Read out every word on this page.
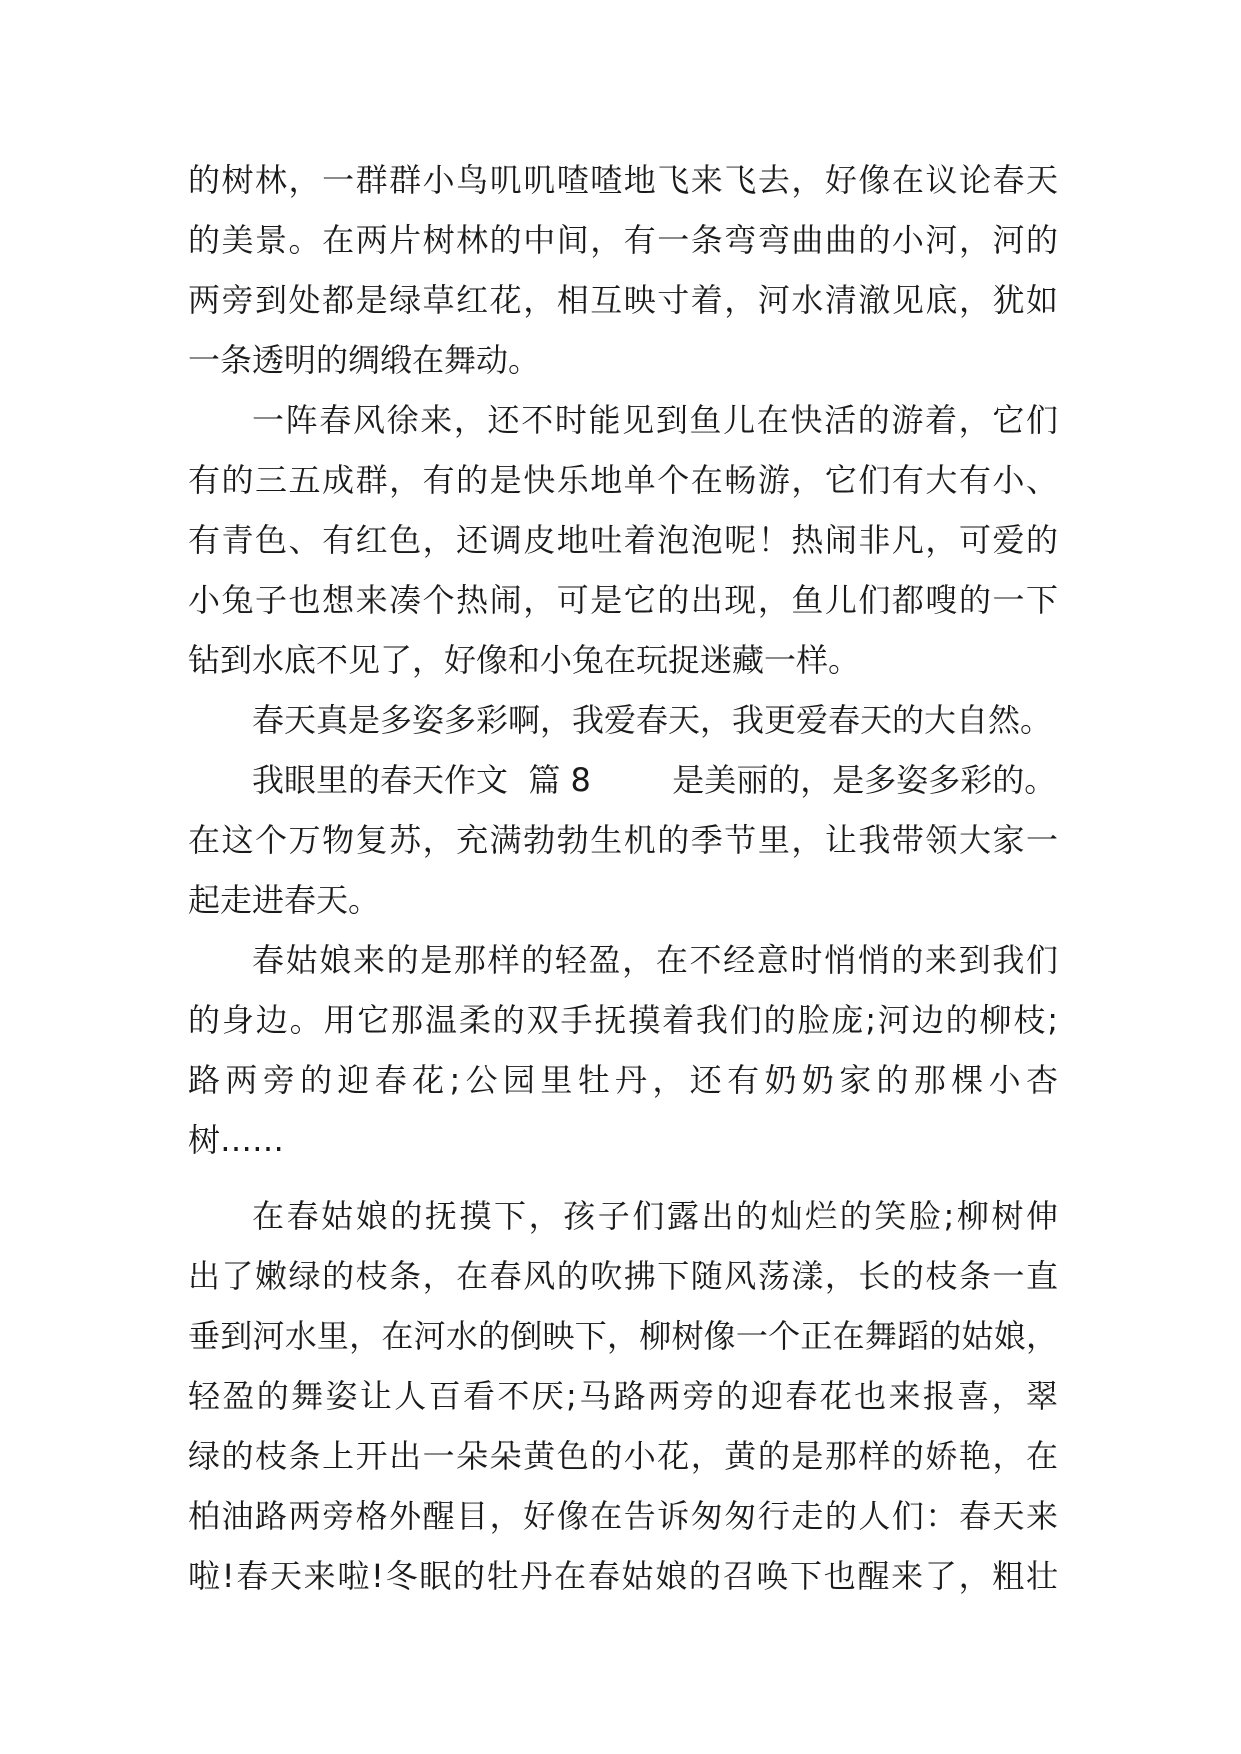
的树林，一群群小鸟叽叽喳喳地飞来飞去，好像在议论春天
的美景。在两片树林的中间，有一条弯弯曲曲的小河，河的
两旁到处都是绿草红花，相互映寸着，河水清澈见底，犹如
一条透明的绸缎在舞动。
一阵春风徐来，还不时能见到鱼儿在快活的游着，它们
有的三五成群，有的是快乐地单个在畅游，它们有大有小、
有青色、有红色，还调皮地吐着泡泡呢！热闹非凡，可爱的
小兔子也想来凑个热闹，可是它的出现，鱼儿们都嗖的一下
钻到水底不见了，好像和小兔在玩捉迷藏一样。
春天真是多姿多彩啊，我爱春天，我更爱春天的大自然。
我眼里的春天作文  篇 8        是美丽的，是多姿多彩的。
在这个万物复苏，充满勃勃生机的季节里，让我带领大家一
起走进春天。
春姑娘来的是那样的轻盈，在不经意时悄悄的来到我们
的身边。用它那温柔的双手抚摸着我们的脸庞;河边的柳枝;
路两旁的迎春花;公园里牡丹，还有奶奶家的那棵小杏
树……
在春姑娘的抚摸下，孩子们露出的灿烂的笑脸;柳树伸
出了嫩绿的枝条，在春风的吹拂下随风荡漾，长的枝条一直
垂到河水里，在河水的倒映下，柳树像一个正在舞蹈的姑娘，
轻盈的舞姿让人百看不厌;马路两旁的迎春花也来报喜，翠
绿的枝条上开出一朵朵黄色的小花，黄的是那样的娇艳，在
柏油路两旁格外醒目，好像在告诉匆匆行走的人们：春天来
啦!春天来啦!冬眠的牡丹在春姑娘的召唤下也醒来了，粗壮
